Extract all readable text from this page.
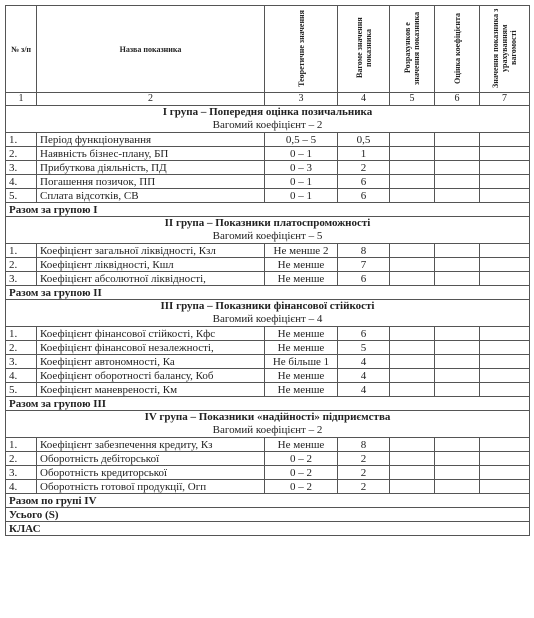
№ з/п	Назва показника	Теоретичне значення	Вагоме значення показника	Розрахунков е значення показника	Оцінка коефіцієнта	Значення показника з урахуванням вагомості
1	2	3	4	5	6	7
I група – Попередня оцінка позичальника
Вагомий коефіцієнт – 2						

1.	Період функціонування	0,5 – 5	0,5			
2.	Наявність бізнес-плану, БП	0 – 1	1			
3.	Прибуткова діяльність, ПД	0 – 3	2			
4.	Погашення позичок, ПП	0 – 1	6			
5.	Сплата відсотків, СВ	0 – 1	6			
Разом за групою I						
II група – Показники платоспроможності
Вагомий коефіцієнт – 5						

1.	Коефіцієнт загальної ліквідності, Кзл	Не менше 2	8			
2.	Коефіцієнт ліквідності, Кшл	Не менше	7			
3.	Коефіцієнт абсолютної ліквідності,	Не менше	6			
Разом за групою II						
III група – Показники фінансової стійкості
Вагомий коефіцієнт – 4						

1.	Коефіцієнт фінансової стійкості, Кфс	Не менше	6			
2.	Коефіцієнт фінансової незалежності,	Не менше	5			
3.	Коефіцієнт автономності, Ка	Не більше 1	4			
4.	Коефіцієнт оборотності балансу, Коб	Не менше	4			
5.	Коефіцієнт маневреності, Км	Не менше	4			
Разом за групою III						
IV група – Показники «надійності» підприємства
Вагомий коефіцієнт – 2						

1.	Коефіцієнт забезпечення кредиту, Кз	Не менше	8			
2.	Оборотність дебіторської	0 – 2	2			
3.	Оборотність кредиторської	0 – 2	2			
4.	Оборотність готової продукції, Огп	0 – 2	2			
Разом по групі IV						
Усього (S)						
КЛАС						
